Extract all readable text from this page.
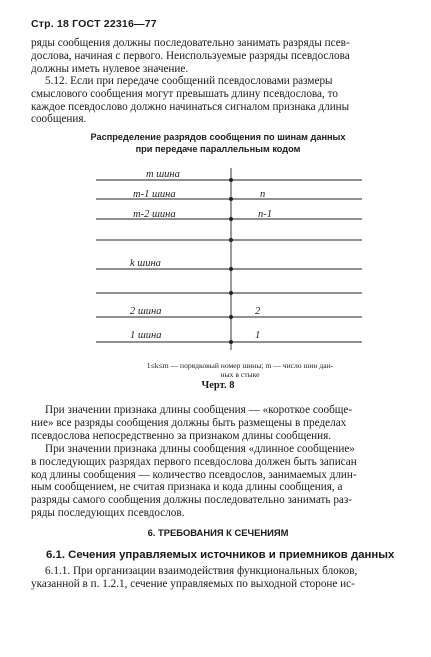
Стр. 18 ГОСТ 22316—77
ряды сообщения должны последовательно занимать разряды псев-
дослова, начиная с первого. Неиспользуемые разряды псевдослова
должны иметь нулевое значение.
5.12. Если при передаче сообщений псевдословами размеры
смыслового сообщения могут превышать длину псевдослова, то
каждое псевдослово должно начинаться сигналом признака длины
сообщения.
Распределение разрядов сообщения по шинам данных
при передаче параллельным кодом
m шина
m-1 шина	n
m-2 шина	n-1
k шина
2 шина	2
1 шина	1
1≤k≤m — порядковый номер шины; m — число шин дан-
ных в стыке
Черт. 8
При значении признака длины сообщения — «короткое сообще-
ние» все разряды сообщения должны быть размещены в пределах
псевдослова непосредственно за признаком длины сообщения.
При значении признака длины сообщения «длинное сообщение»
в последующих разрядах первого псевдослова должен быть записан
код длины сообщения — количество псевдослов, занимаемых длин-
ным сообщением, не считая признака и кода длины сообщения, а
разряды самого сообщения должны последовательно занимать раз-
ряды последующих псевдослов.
6. ТРЕБОВАНИЯ К СЕЧЕНИЯМ
6.1. Сечения управляемых источников и приемников данных
6.1.1. При организации взаимодействия функциональных блоков,
указанной в п. 1.2.1, сечение управляемых по выходной стороне ис-
